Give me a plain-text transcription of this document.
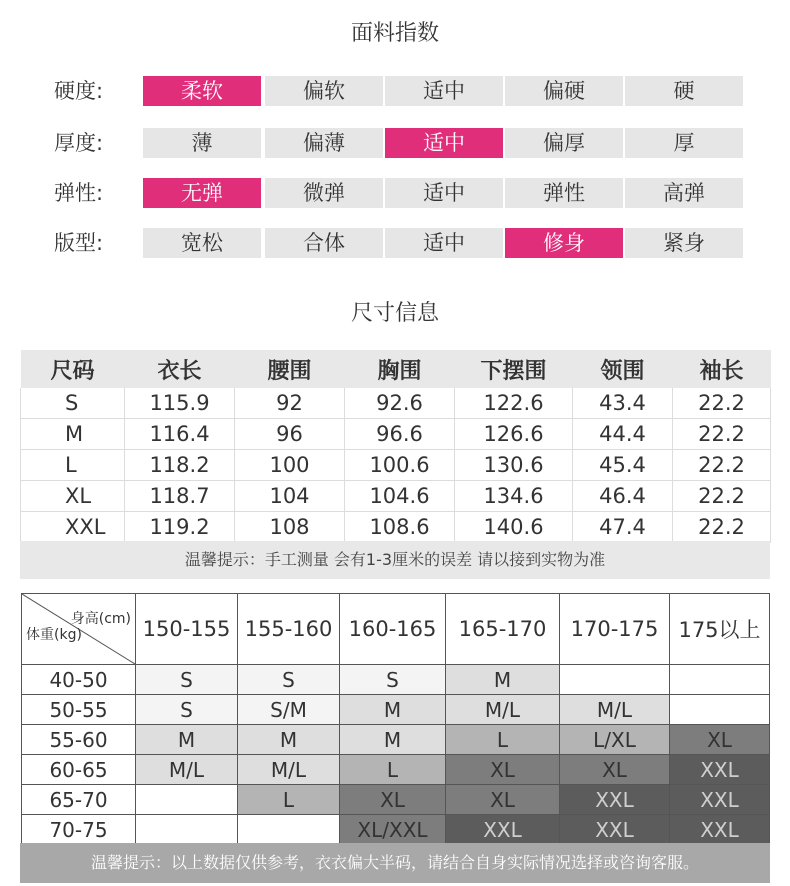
面料指数
硬度:	柔软	偏软	适中	偏硬	硬
厚度:	薄	偏薄	适中	偏厚	厚
弹性:	无弹	微弹	适中	弹性	高弹
版型:	宽松	合体	适中	修身	紧身
尺寸信息
尺码	衣长	腰围	胸围	下摆围	领围	袖长
S	115.9	92	92.6	122.6	43.4	22.2
M	116.4	96	96.6	126.6	44.4	22.2
L	118.2	100	100.6	130.6	45.4	22.2
XL	118.7	104	104.6	134.6	46.4	22.2
XXL	119.2	108	108.6	140.6	47.4	22.2
温馨提示：手工测量 会有1-3厘米的误差 请以接到实物为准
身高(cm)
体重(kg)	150-155	155-160	160-165	165-170	170-175	175以上
40-50	S	S	S	M		
50-55	S	S/M	M	M/L	M/L	
55-60	M	M	M	L	L/XL	XL
60-65	M/L	M/L	L	XL	XL	XXL
65-70		L	XL	XL	XXL	XXL
70-75			XL/XXL	XXL	XXL	XXL
温馨提示：以上数据仅供参考，衣衣偏大半码，请结合自身实际情况选择或咨询客服。
